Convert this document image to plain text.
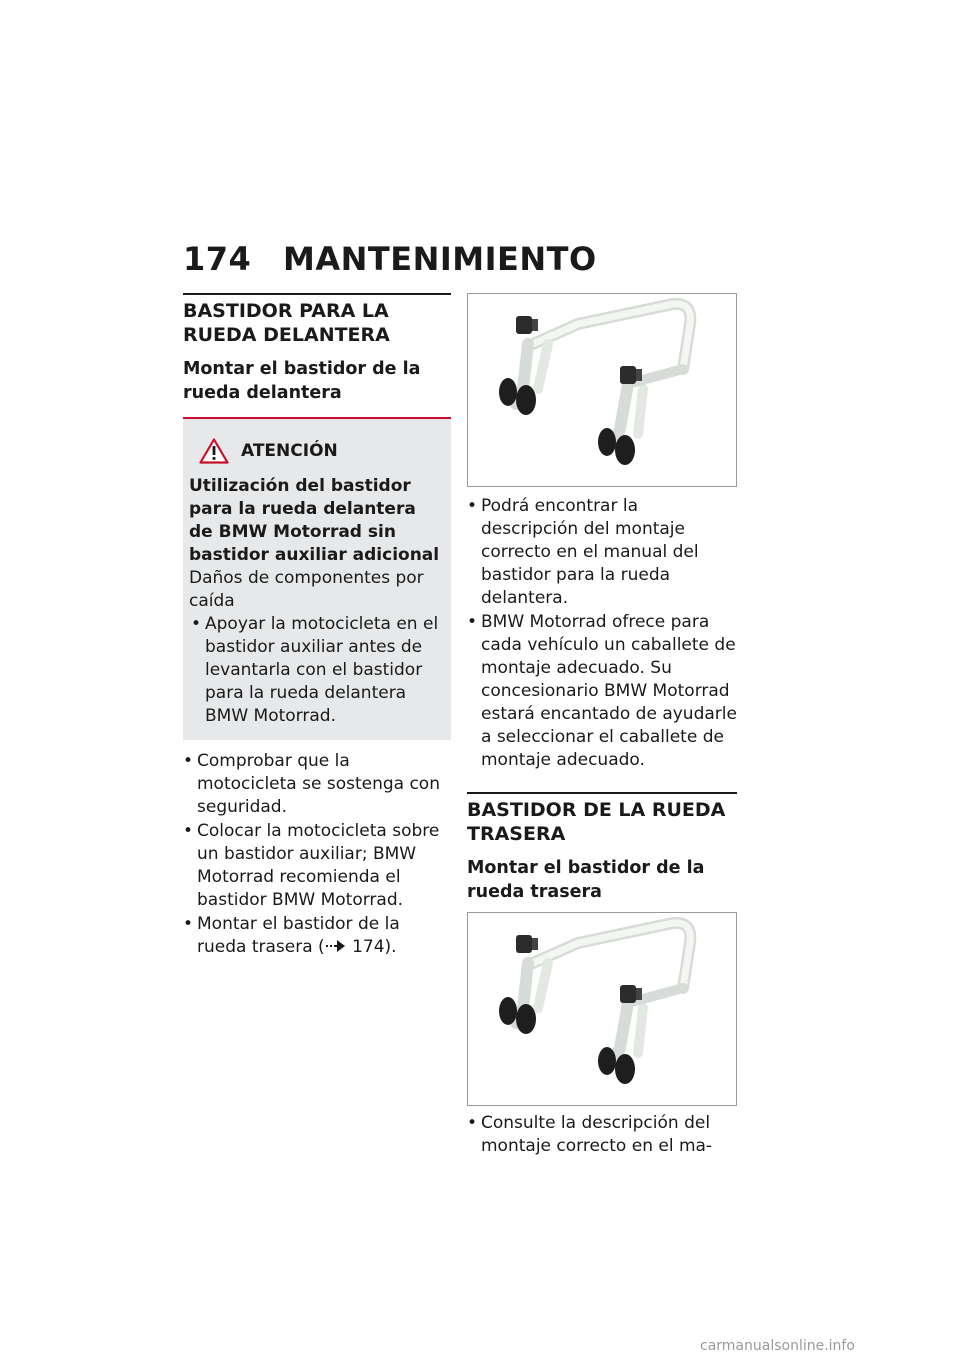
174 MANTENIMIENTO
BASTIDOR PARA LA RUEDA DELANTERA
Montar el bastidor de la rueda delantera
ATENCIÓN
Utilización del bastidor para la rueda delantera de BMW Motorrad sin bastidor auxiliar adicional
Daños de componentes por caída
• Apoyar la motocicleta en el bastidor auxiliar antes de levantarla con el bastidor para la rueda delantera BMW Motorrad.
• Comprobar que la motocicleta se sostenga con seguridad.
• Colocar la motocicleta sobre un bastidor auxiliar; BMW Motorrad recomienda el bastidor BMW Motorrad.
• Montar el bastidor de la rueda trasera ( 174).
• Podrá encontrar la descripción del montaje correcto en el manual del bastidor para la rueda delantera.
• BMW Motorrad ofrece para cada vehículo un caballete de montaje adecuado. Su concesionario BMW Motorrad estará encantado de ayudarle a seleccionar el caballete de montaje adecuado.
BASTIDOR DE LA RUEDA TRASERA
Montar el bastidor de la rueda trasera
• Consulte la descripción del montaje correcto en el ma-
carmanualsonline.info
